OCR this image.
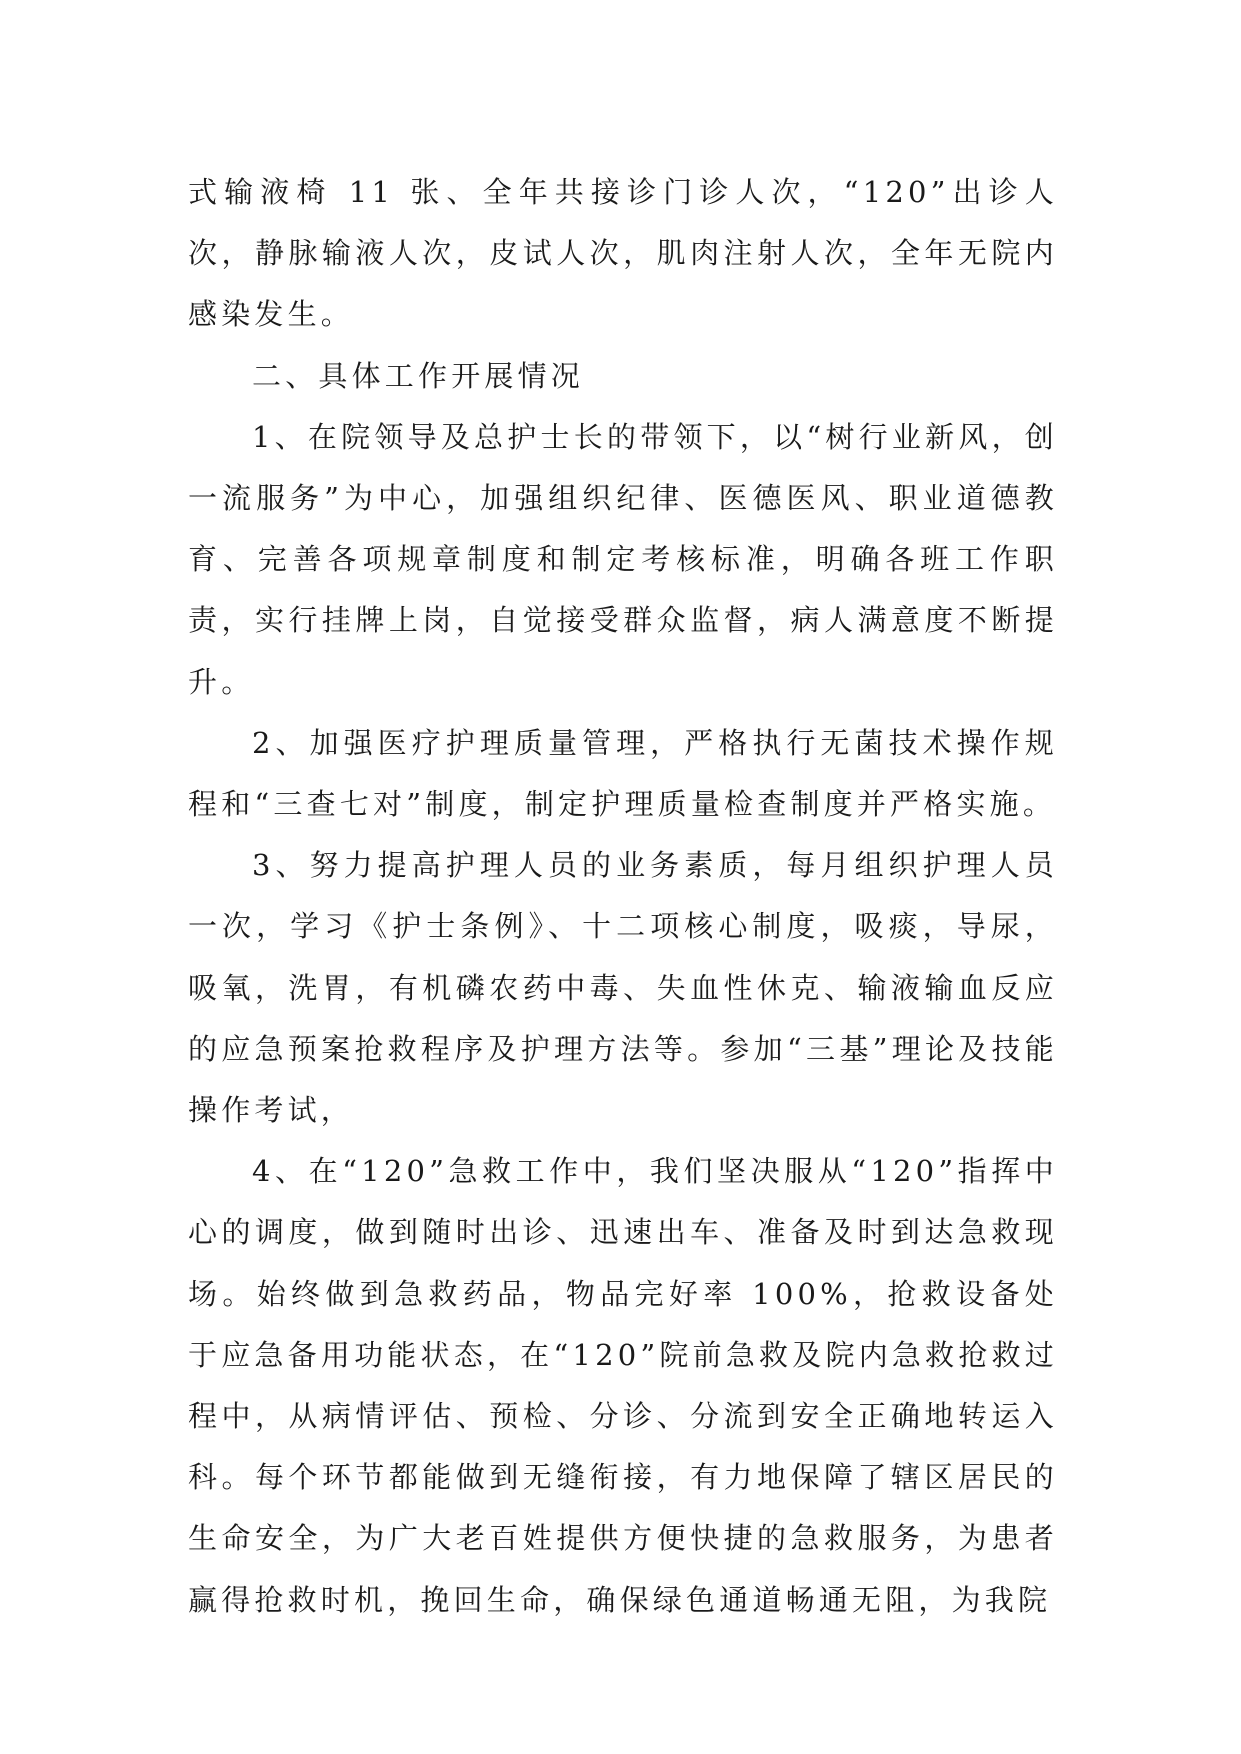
式输液椅 11 张、全年共接诊门诊人次，“120”出诊人次，静脉输液人次，皮试人次，肌肉注射人次，全年无院内感染发生。

二、具体工作开展情况

1、在院领导及总护士长的带领下，以“树行业新风，创一流服务”为中心，加强组织纪律、医德医风、职业道德教育、完善各项规章制度和制定考核标准，明确各班工作职责，实行挂牌上岗，自觉接受群众监督，病人满意度不断提升。

2、加强医疗护理质量管理，严格执行无菌技术操作规程和“三查七对”制度，制定护理质量检查制度并严格实施。

3、努力提高护理人员的业务素质，每月组织护理人员一次，学习《护士条例》、十二项核心制度，吸痰，导尿，吸氧，洗胃，有机磷农药中毒、失血性休克、输液输血反应的应急预案抢救程序及护理方法等。参加“三基”理论及技能操作考试，

4、在“120”急救工作中，我们坚决服从“120”指挥中心的调度，做到随时出诊、迅速出车、准备及时到达急救现场。始终做到急救药品，物品完好率 100%，抢救设备处于应急备用功能状态，在“120”院前急救及院内急救抢救过程中，从病情评估、预检、分诊、分流到安全正确地转运入科。每个环节都能做到无缝衔接，有力地保障了辖区居民的生命安全，为广大老百姓提供方便快捷的急救服务，为患者赢得抢救时机，挽回生命，确保绿色通道畅通无阻，为我院
